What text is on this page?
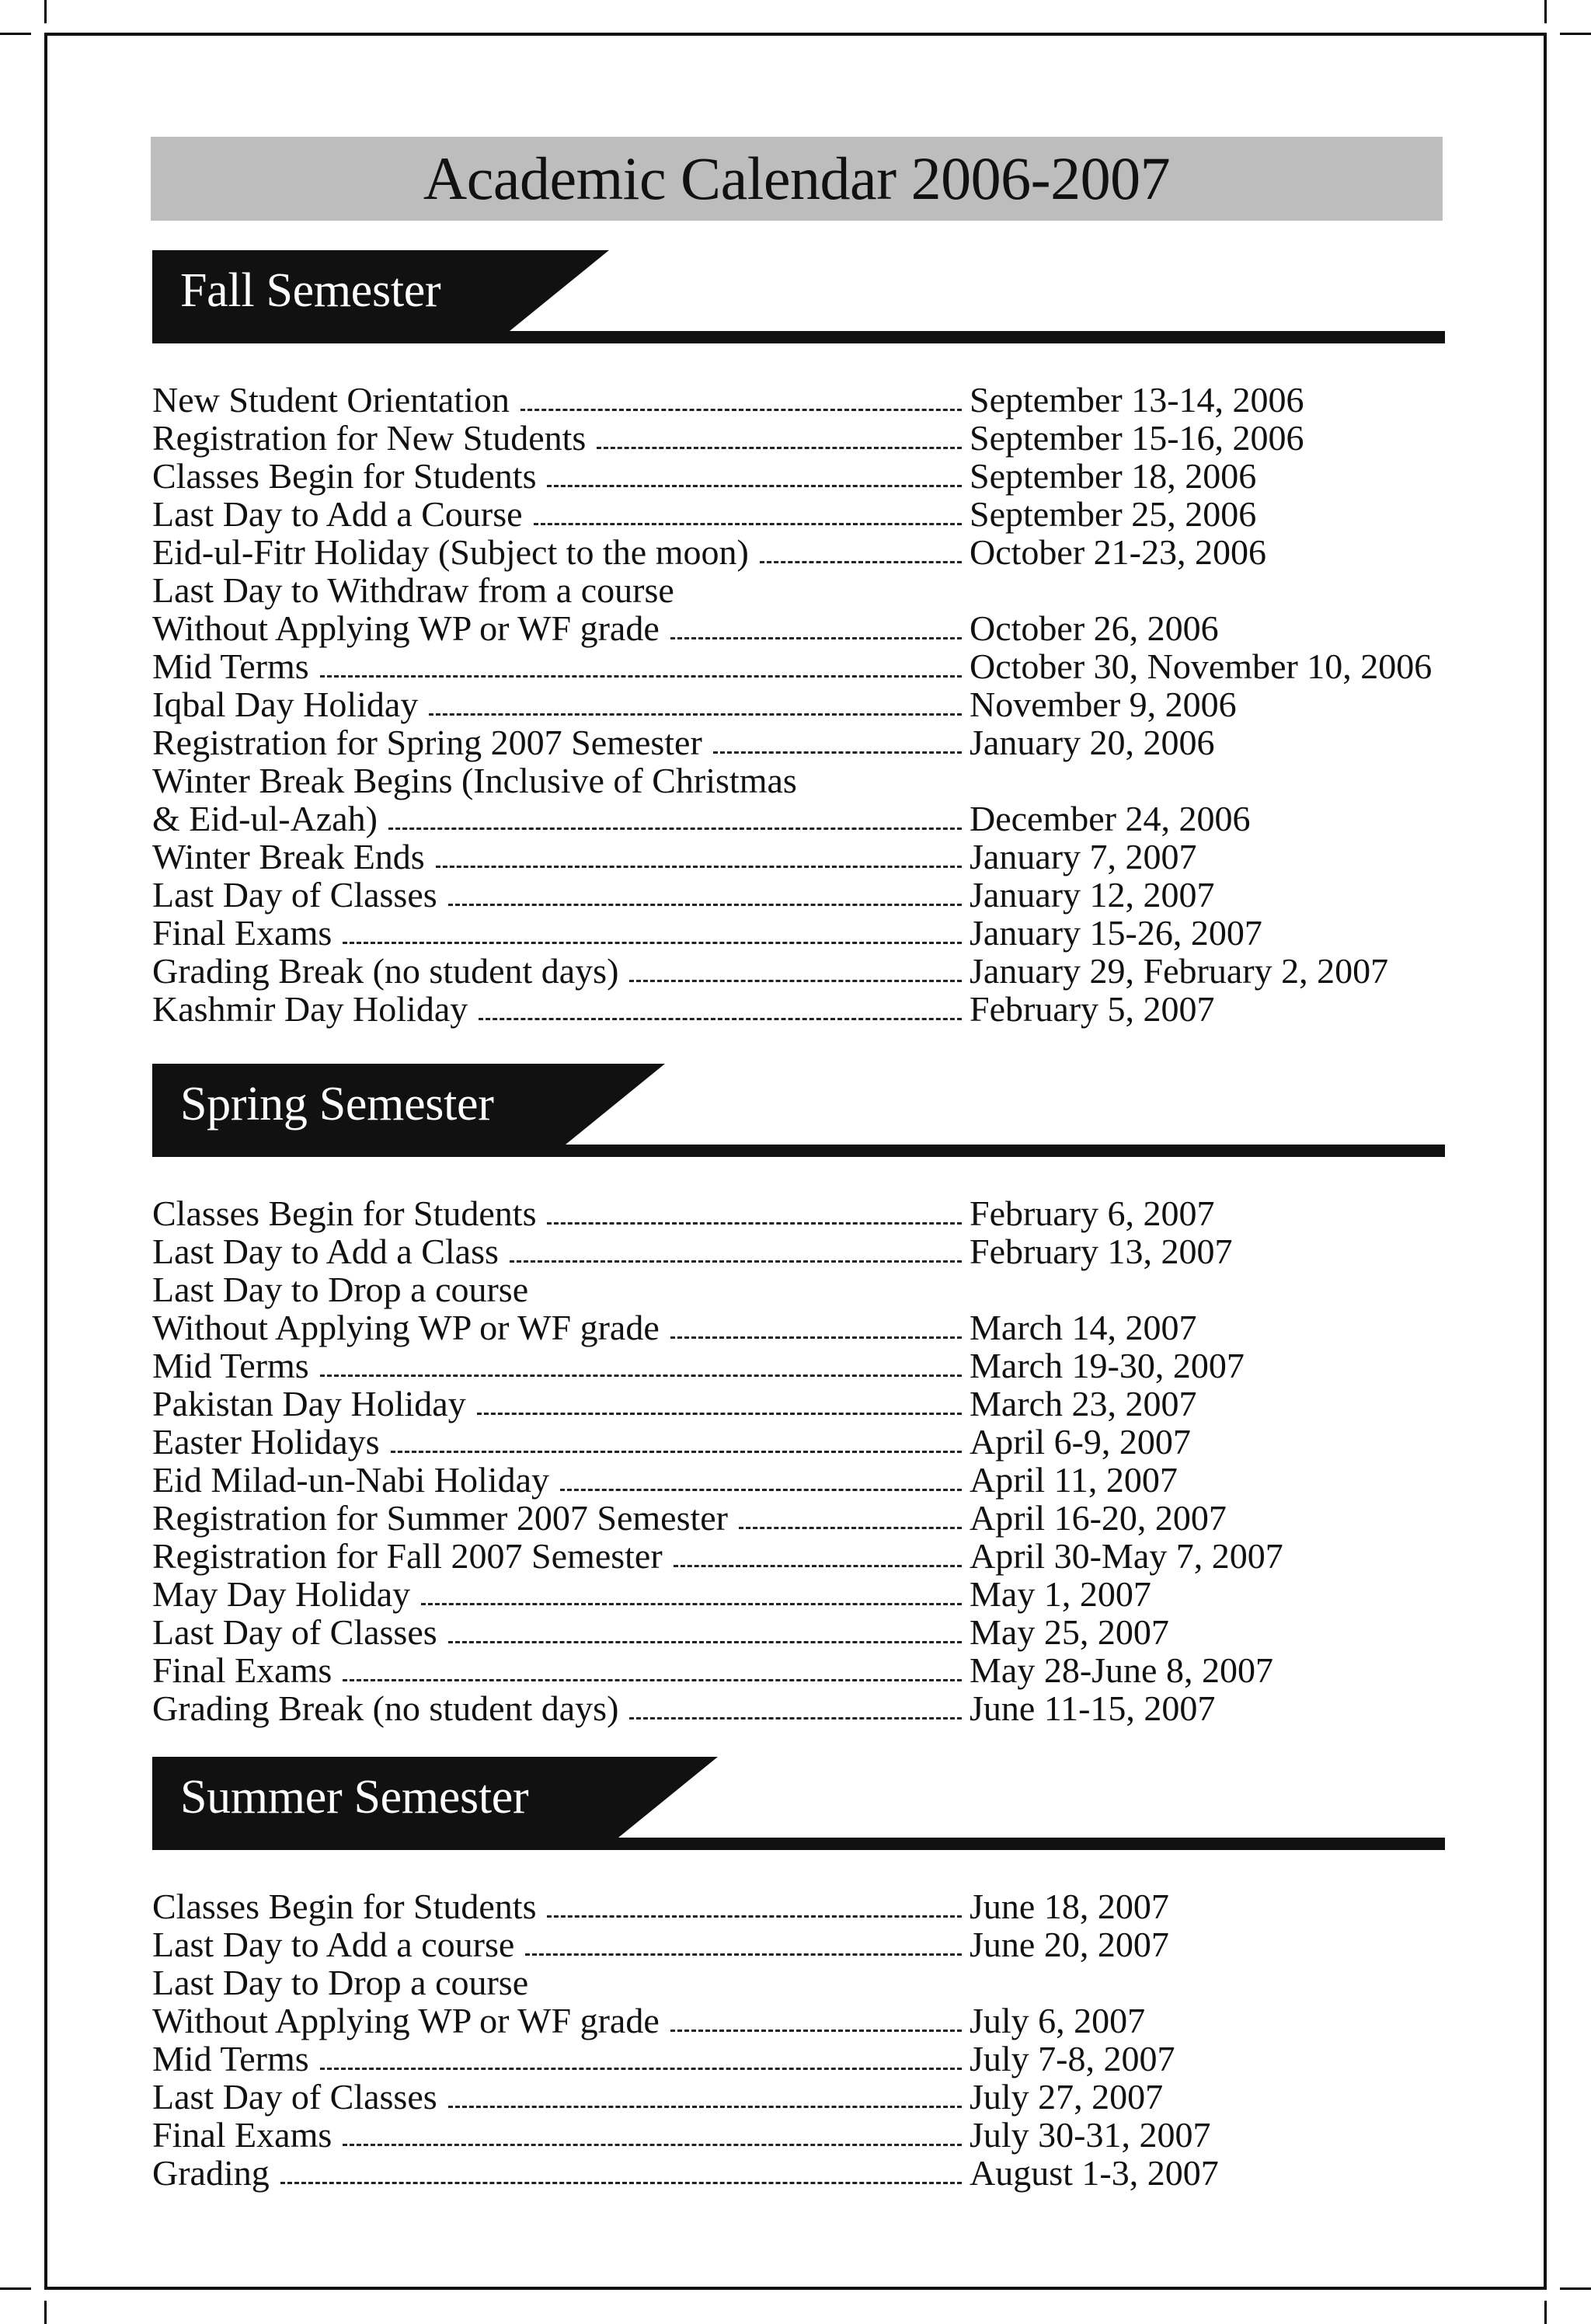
Academic Calendar 2006-2007
Fall Semester
New Student Orientation	September 13-14, 2006
Registration for New Students	September 15-16, 2006
Classes Begin for Students	September 18, 2006
Last Day to Add a Course	September 25, 2006
Eid-ul-Fitr Holiday (Subject to the moon)	October 21-23, 2006
Last Day to Withdraw from a course
Without Applying WP or WF grade	October 26, 2006
Mid Terms	October 30, November 10, 2006
Iqbal Day Holiday	November 9, 2006
Registration for Spring 2007 Semester	January 20, 2006
Winter Break Begins (Inclusive of Christmas
& Eid-ul-Azah)	December 24, 2006
Winter Break Ends	January 7, 2007
Last Day of Classes	January 12, 2007
Final Exams	January 15-26, 2007
Grading Break (no student days)	January 29, February 2, 2007
Kashmir Day Holiday	February 5, 2007
Spring Semester
Classes Begin for Students	February 6, 2007
Last Day to Add a Class	February 13, 2007
Last Day to Drop a course
Without Applying WP or WF grade	March 14, 2007
Mid Terms	March 19-30, 2007
Pakistan Day Holiday	March 23, 2007
Easter Holidays	April 6-9, 2007
Eid Milad-un-Nabi Holiday	April 11, 2007
Registration for Summer 2007 Semester	April 16-20, 2007
Registration for Fall 2007 Semester	April 30-May 7, 2007
May Day Holiday	May 1, 2007
Last Day of Classes	May 25, 2007
Final Exams	May 28-June 8, 2007
Grading Break (no student days)	June 11-15, 2007
Summer Semester
Classes Begin for Students	June 18, 2007
Last Day to Add a course	June 20, 2007
Last Day to Drop a course
Without Applying WP or WF grade	July 6, 2007
Mid Terms	July 7-8, 2007
Last Day of Classes	July 27, 2007
Final Exams	July 30-31, 2007
Grading	August 1-3, 2007
